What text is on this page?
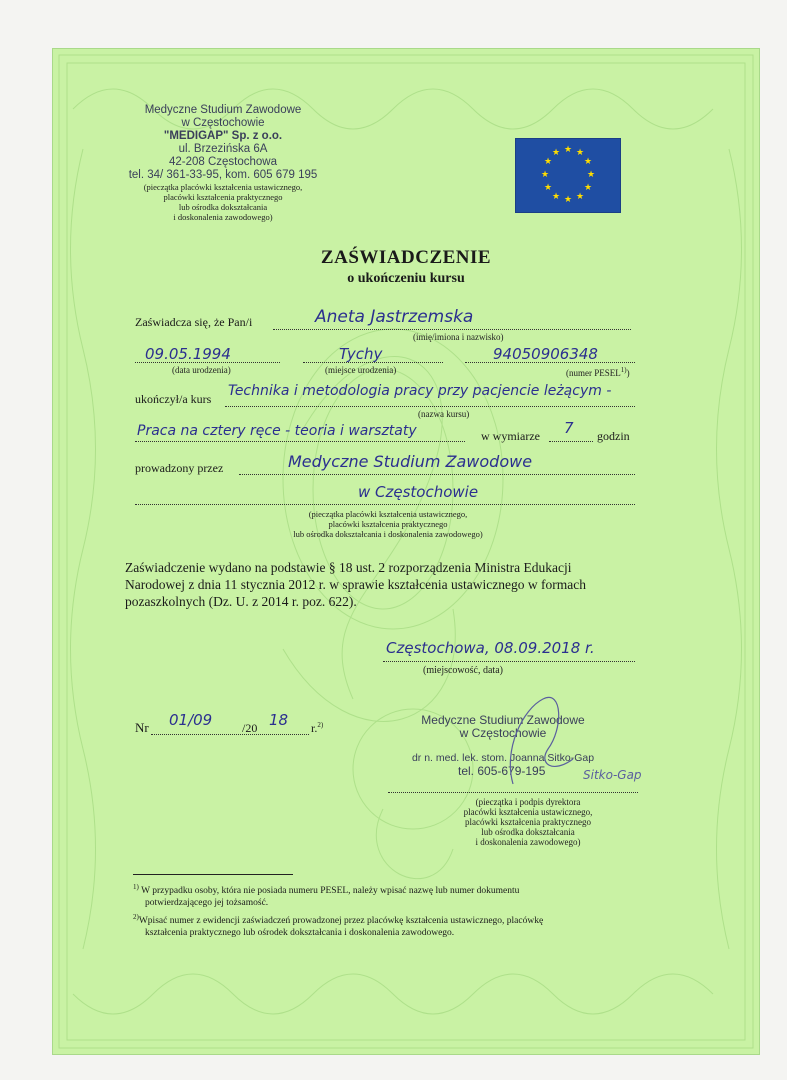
Medyczne Studium Zawodowe
w Częstochowie
"MEDIGAP" Sp. z o.o.
ul. Brzezińska 6A
42-208 Częstochowa
tel. 34/ 361-33-95, kom. 605 679 195
(pieczątka placówki kształcenia ustawicznego,
placówki kształcenia praktycznego
lub ośrodka dokształcania
i doskonalenia zawodowego)
★ ★
★
★
★
★
★
★
★
★
★
★
ZAŚWIADCZENIE
o ukończeniu kursu
Zaświadcza się, że Pan/i	Aneta Jastrzemska
(imię/imiona i nazwisko)
09.05.1994
(data urodzenia)
Tychy
(miejsce urodzenia)
94050906348
(numer PESEL$^{1)}$)
ukończył/a kurs Technika i metodologia pracy przy pacjencie leżącym -
(nazwa kursu)
Praca na cztery ręce - teoria i warsztaty	w wymiarze 7 godzin
prowadzony przez	Medyczne Studium Zawodowe
w Częstochowie
(pieczątka placówki kształcenia ustawicznego,
placówki kształcenia praktycznego
lub ośrodka dokształcania i doskonalenia zawodowego)
Zaświadczenie wydano na podstawie § 18 ust. 2 rozporządzenia Ministra Edukacji
Narodowej z dnia 11 stycznia 2012 r. w sprawie kształcenia ustawicznego w formach
pozaszkolnych (Dz. U. z 2014 r. poz. 622).
Częstochowa, 08.09.2018 r.
(miejscowość, data)
Nr 01/09 /20 18 r.$^{2)}$	Medyczne Studium Zawodowe
w Częstochowie
dr n. med. lek. stom. Joanna Sitko-Gap
tel. 605-679-195	Sitko-Gap
(pieczątka i podpis dyrektora
placówki kształcenia ustawicznego,
placówki kształcenia praktycznego
lub ośrodka dokształcania
i doskonalenia zawodowego)
$^{1)}$ W przypadku osoby, która nie posiada numeru PESEL, należy wpisać nazwę lub numer dokumentu
potwierdzającego jej tożsamość.
$^{2)}$Wpisać numer z ewidencji zaświadczeń prowadzonej przez placówkę kształcenia ustawicznego, placówkę
kształcenia praktycznego lub ośrodek dokształcania i doskonalenia zawodowego.
